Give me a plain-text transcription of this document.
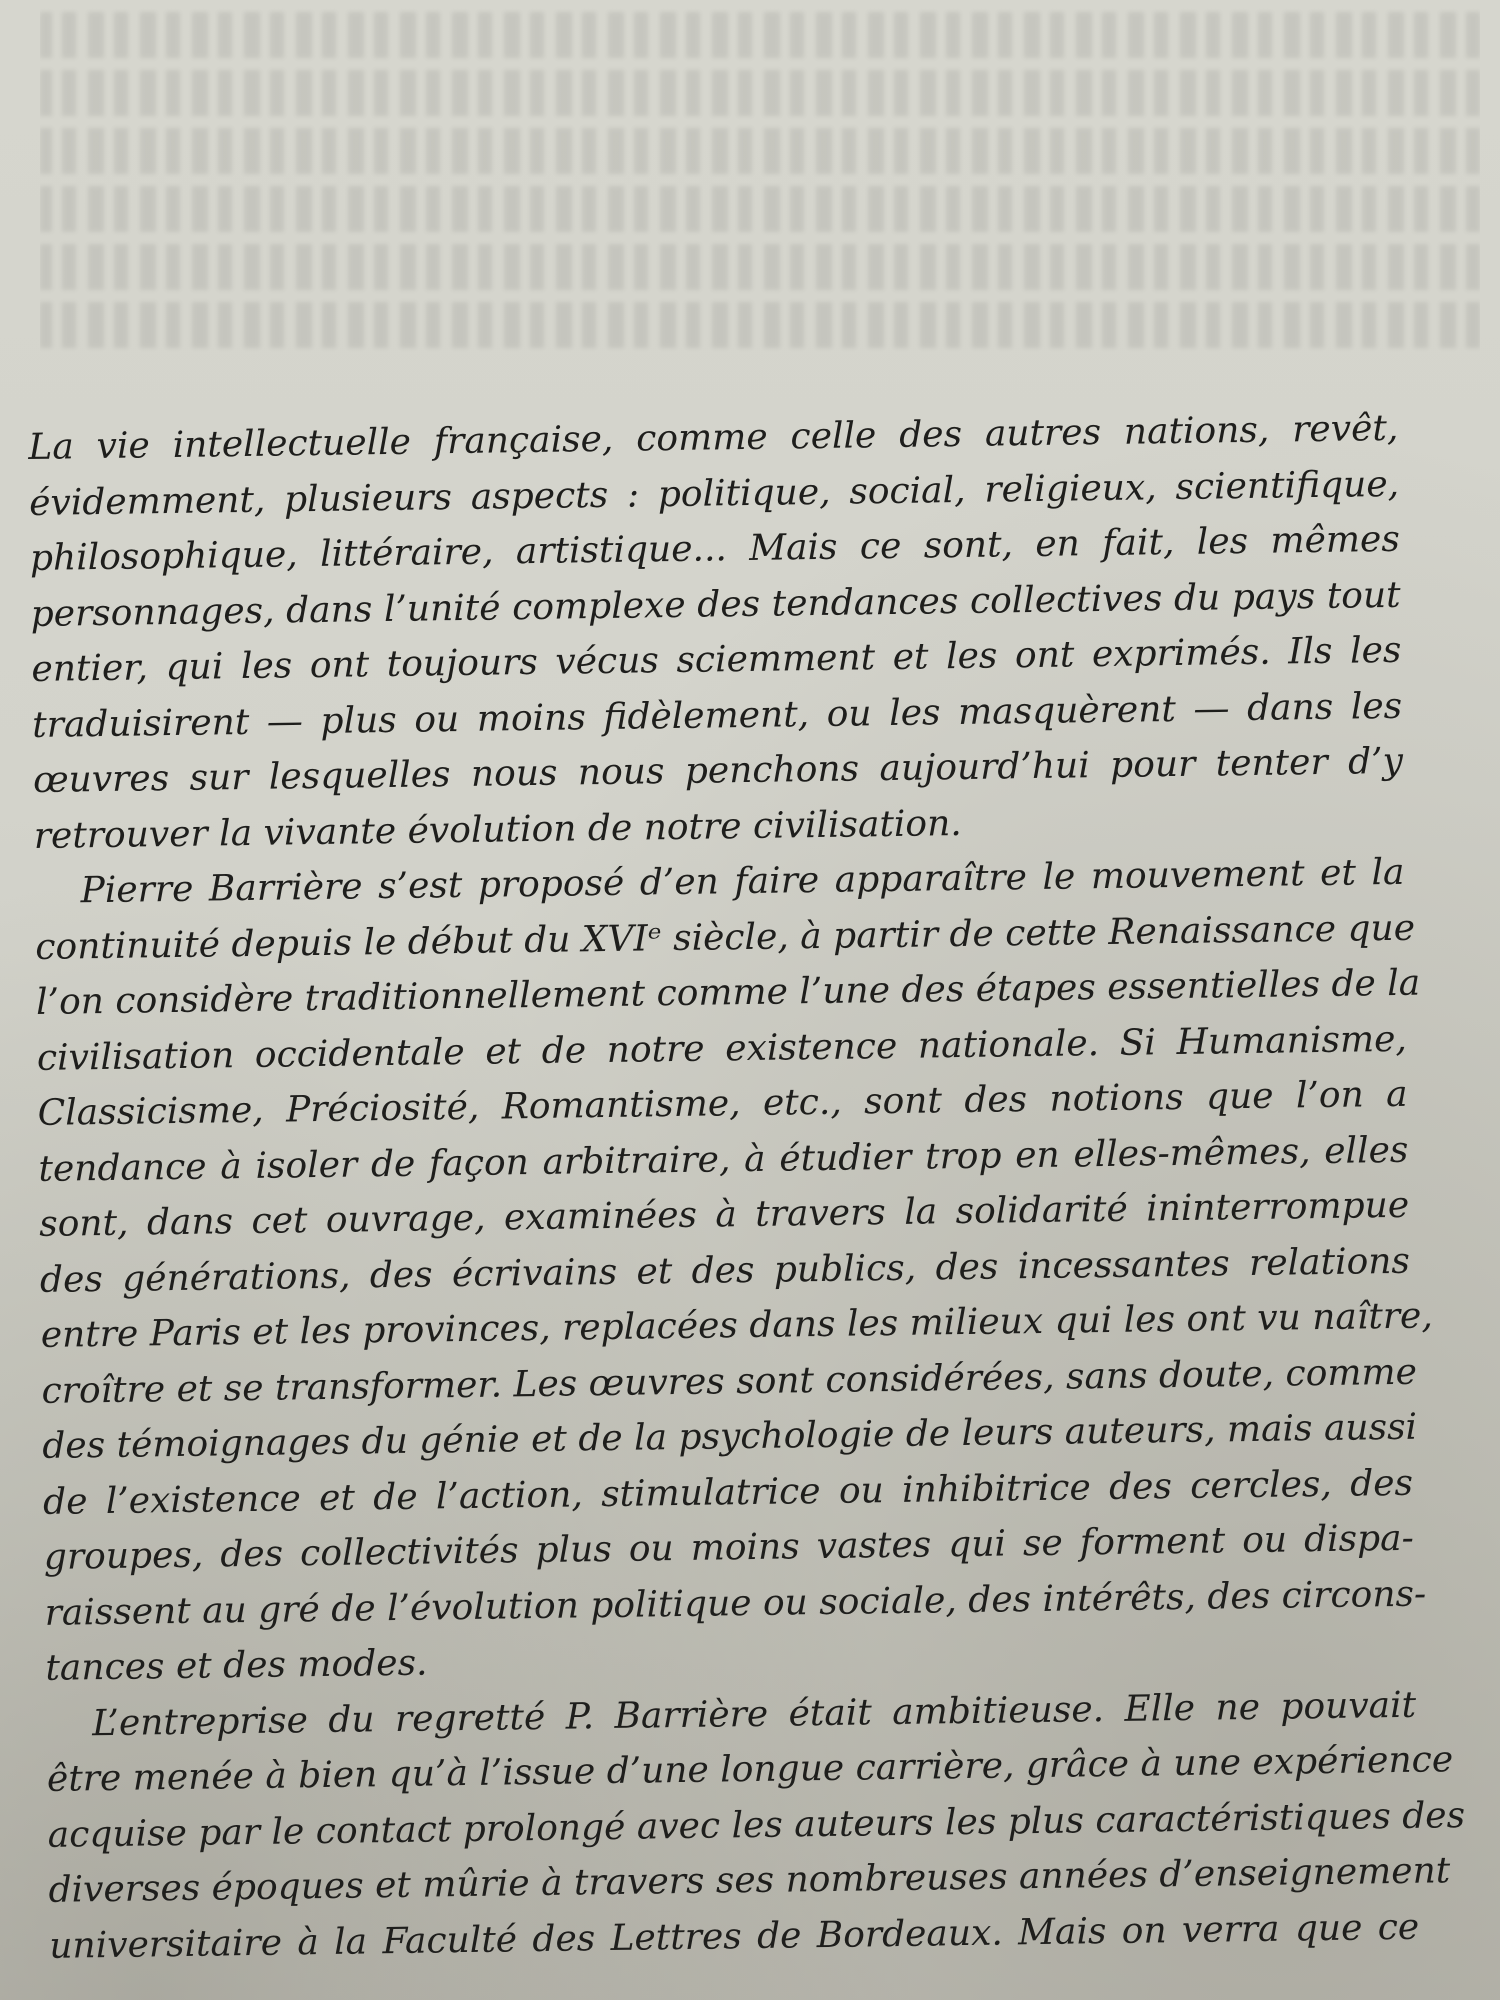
La vie intellectuelle française, comme celle des autres nations, revêt,
évidemment, plusieurs aspects : politique, social, religieux, scientifique,
philosophique, littéraire, artistique... Mais ce sont, en fait, les mêmes
personnages, dans l’unité complexe des tendances collectives du pays tout
entier, qui les ont toujours vécus sciemment et les ont exprimés. Ils les
traduisirent — plus ou moins fidèlement, ou les masquèrent — dans les
œuvres sur lesquelles nous nous penchons aujourd’hui pour tenter d’y
retrouver la vivante évolution de notre civilisation.

Pierre Barrière s’est proposé d’en faire apparaître le mouvement et la
continuité depuis le début du XVIᵉ siècle, à partir de cette Renaissance que
l’on considère traditionnellement comme l’une des étapes essentielles de la
civilisation occidentale et de notre existence nationale. Si Humanisme,
Classicisme, Préciosité, Romantisme, etc., sont des notions que l’on a
tendance à isoler de façon arbitraire, à étudier trop en elles-mêmes, elles
sont, dans cet ouvrage, examinées à travers la solidarité ininterrompue
des générations, des écrivains et des publics, des incessantes relations
entre Paris et les provinces, replacées dans les milieux qui les ont vu naître,
croître et se transformer. Les œuvres sont considérées, sans doute, comme
des témoignages du génie et de la psychologie de leurs auteurs, mais aussi
de l’existence et de l’action, stimulatrice ou inhibitrice des cercles, des
groupes, des collectivités plus ou moins vastes qui se forment ou dispa-
raissent au gré de l’évolution politique ou sociale, des intérêts, des circons-
tances et des modes.

L’entreprise du regretté P. Barrière était ambitieuse. Elle ne pouvait
être menée à bien qu’à l’issue d’une longue carrière, grâce à une expérience
acquise par le contact prolongé avec les auteurs les plus caractéristiques des
diverses époques et mûrie à travers ses nombreuses années d’enseignement
universitaire à la Faculté des Lettres de Bordeaux. Mais on verra que ce
